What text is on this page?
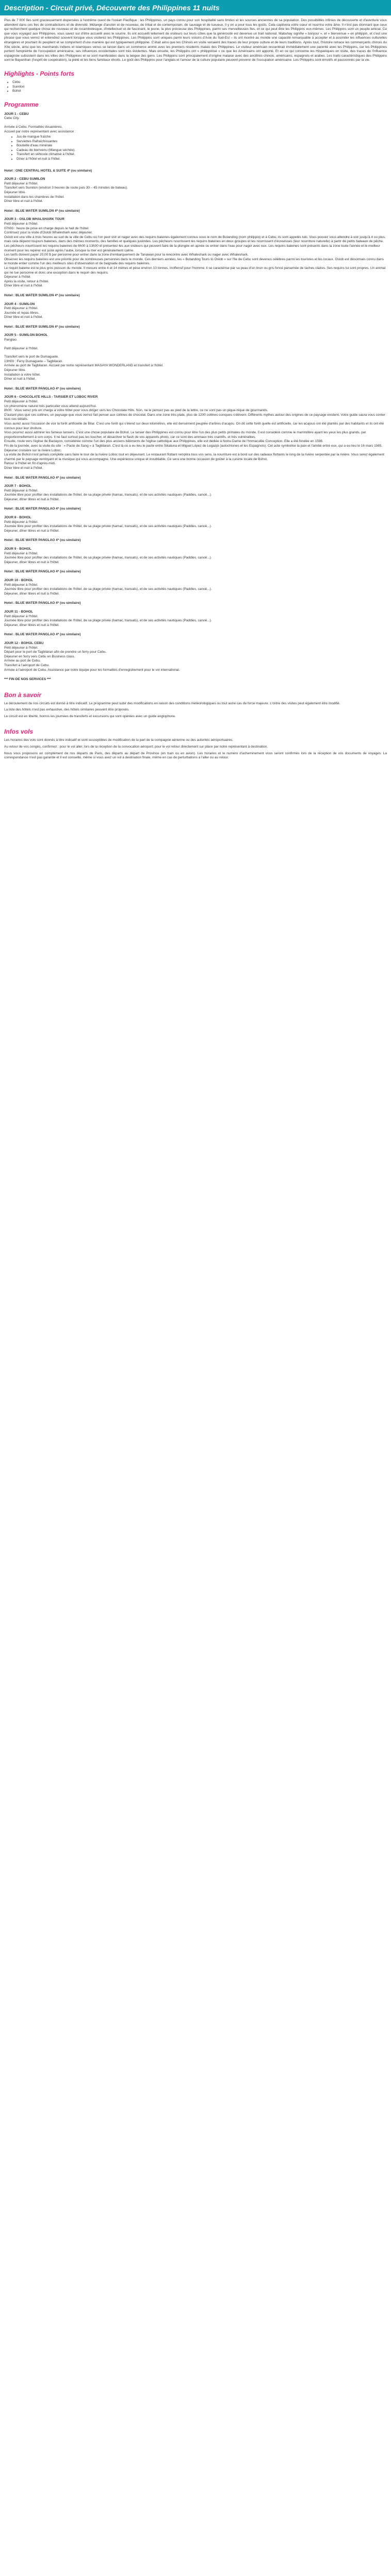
Description - Circuit privé, Découverte des Philippines 11 nuits
Plus de 7 000 îles sont gracieusement dispersées à l'extrême ouest de l'océan Pacifique : les Philippines, un pays connu pour son hospitalité sans limites et les sources anciennes de sa population. Des possibilités infinies de découverte et d'aventure vous attendent dans ces îles de contradictions et de diversité. Mélange d'ancien et de nouveau, de tribal et de contemporain, de sauvage et de luxueux, il y en a pour tous les goûts. Cela captivera votre cœur et nourrira votre âme. Il n'est pas étonnant que ceux qui recherchent quelque chose de nouveau et de rocambolesque, d'intellectuel et de fascinant, le jeune, la plus précieuse des Philippines, parmi ses merveilleuses îles, et ce qui peut être les Philippins eux-mêmes. Les Philippins sont un peuple amical. Ce que vous voyagez aux Philippines, vous savez sur d'être accueilli avec le sourire. Ils ont accueilli tellement de visiteurs sur leurs côtes que la générosité est devenue un trait national. Mabuhay signifie « bonjour », et « bienvenue » en philippin, et c'est une phrase que vous verrez et entendrez souvent lorsque vous visiterez les Philippines. Les Philippins sont uniques parmi leurs voisins d'Asie du Sud-Est – ils ont montré au monde une capacité remarquable à accepter et à assimiler les influences culturelles étrangères et pourtant ils peuplent et se comportent d'une manière qui est typiquement philippine. C'était ainsi que les Chinois en visite venaient des traces de leur propre culture et de leurs traditions. Après tout, l'histoire retrace les commerçants chinois du XIIe siècle, ainsi que les marchands indiens et islamiques venus se lancer dans un commerce animé avec les premiers résidents malais des Philippines. Le visiteur américain ressentirait immédiatement une parenté avec les Philippins, car les Philippines portent l'empreinte de l'occupation américaine, ses influences occidentales sont très évidentes. Mais ensuite, les Philippins ont « philippinisé » ce que les Américains ont apporté. Et en ce qui concerne les Hispaniques en visite, des traces de l'influence espagnole subsistent dans les villes des Philippines et se sont manifestées dans la langue des gens. Les Philippins sont principalement d'origine malaise avec des ancêtres chinois, américains, espagnols et arabes. Les traits caractéristiques des Philippins sont le Bayanihan (l'esprit de coopération), la piété et les liens familiaux étroits. Le goût des Philippins pour l'anglais et l'amour de la culture populaire peuvent provenir de l'occupation américaine. Les Philippins sont émotifs et passionnés par la vie.
Highlights - Points forts
• Cebu
• Sumilon
• Bohol
Programme
JOUR 1 - CEBU
Cebu City.
Arrivée à Cebu. Formalités douanières.
Accueil par notre représentant avec assistance :
• Jus de mangue fraîche
• Serviettes Rafraîchissantes
• Bouteille d'eau minérale
• Cadeau de bienvenu (Mangue séchée).
• Transfert en véhicule climatisé à l'hôtel.
• Dîner à l'hôtel et nuit à l'hôtel.
Hotel : ONE CENTRAL HOTEL & SUITE 4* (ou similaire)
JOUR 2 - CEBU SUMILON
Petit déjeuner à l'hôtel.
Transfert vers Sumilon (environ 3 heures de route puis 30 – 45 minutes de bateau).
Déjeuner libre.
Installation dans les chambres de l'hôtel.
Dîner libre et nuit à l'hôtel.
Hotel : BLUE WATER SUMILON 4* (ou similaire)
JOUR 3 - OSLOB WHALSHARK TOUR
Petit déjeuner à l'hôtel.
07h00 : heure de prise en charge depuis le hall de l'hôtel.
Continuez pour la visite d'Oslob Whaleshark avec déjeuner.
Oslob est une ville à trois heures au sud de la ville de Cebu où l'on peut voir et nager avec des requins baleines également connus sous le nom de Butanding (nom philippin) et à Cebu, ils sont appelés tuki. Vous pouvez vous attendre à voir jusqu'à 4 ou plus, mais cela dépend toujours baleines, dans des mêmes moments, des familles et quelques juvéniles. Les pêcheurs nourrissent les requins baleines en deux groupes et les nourrissent d'écrevisses (leur nourriture naturelle) à partir de petits bateaux de pêche. Les pêcheurs nourrissent les requins baleines de 6h00 à 13h00 et présentez-les aux visiteurs qui peuvent faire de la plongée en apnée ou entrer dans l'eau pour nager avec eux. Les requins baleines sont présents dans la zone toute l'année et le meilleur moment pour les repérer est juste après l'aube, lorsque la mer est généralement calme.
Les tarifs doivent payer 20,00 $ par personne pour entrer dans la zone d'embarquement de Tanawan pour la rencontre avec Whaleshark ou nager avec Whaleshark.
Observer les requins baleines est une priorité pour de nombreuses personnes dans le monde. Ces derniers années, les « Butanding Tours to Oslob » sur l'île de Cebu sont devenus célèbres parmi les touristes et les locaux. Oslob est désormais connu dans le monde entier comme l'un des meilleurs sites d'observation et de baignade des requins baleines.
Le requin baleine est le plus gros poisson du monde. Il mesure entre 4 et 14 mètres et pèse environ 10 tonnes. Inoffensif pour l'homme, il se caractérise par sa peau d'un brun ou gris foncé parsemée de taches claires. Ses requins lui sont propres. Un animal qui ne tue personne et donc une exception dans le requin des requins.
Déjeuner à l'hôtel.
Après la visite, retour à l'hôtel.
Dîner libre et nuit à l'hôtel.
Hotel : BLUE WATER SUMILON 4* (ou similaire)
JOUR 4 - SUMILON
Petit déjeuner à l'hôtel.
Journée et repas libres.
Dîner libre et nuit à l'hôtel.
Hotel : BLUE WATER SUMILON 4* (ou similaire)
JOUR 5 - SUMILON BOHOL
Panglao.
Petit déjeuner à l'hôtel.
Transfert vers le port de Dumaguete.
13H00 : Ferry Dumaguete – Tagbilaran.
Arrivée au port de Tagbilaran. Accueil par notre représentant MASAYA WONDERLAND et transfert à l'hôtel.
Déjeuner libre.
Installation à votre hôtel.
Dîner et nuit à l'hôtel.
Hotel : BLUE WATER PANGLAO 4* (ou similaire)
JOUR 6 - CHOCOLATE HILLS - TARSIER ET LOBOC RIVER
Petit déjeuner à l'hôtel.
Un phénomène naturel très particulier vous attend aujourd'hui.
8h00 : Vous serez pris en charge à votre hôtel pour vous diriger vers les Chocolate Hills. Non, ne le pensez pas au pied de la lettre, ce ne sont pas un pique-nique de gourmands.
D'autant plus que ces collines, un paysage que vous verrez fait penser aux collines de chocolat. Dans une zone très plate, plus de 1200 collines coniques s'élèvent. Différents mythes autour des origines de ce paysage existent. Votre guide saura vous conter tous ces détails.
Vous aurez aussi l'occasion de voir la forêt artificielle de Bilar. C'est une forêt qui s'étend sur deux kilomètres, elle est densément peuplée d'arbres d'acajou. On dit cette forêt quelle est artificielle, car les acajous ont été plantés par des habitants et ils ont été connus pour leur droiture.
Vous pourrez aussi admirer les fameux tarsiers. C'est une chose populaire de Bohol. Le tarsier des Philippines est connu pour être l'un des plus petits primates du monde. Il est considéré comme le mammifère ayant les yeux les plus grands, par proportionnellement à son corps. Il ne faut surtout pas les toucher, et désactiver le flash de vos appareils photo, car ce sont des animaux très craintifs, et très vulnérables.
Ensuite, route vers l'église de Baclayon, considérée comme l'un des plus anciens bâtiments de l'église catholique aux Philippines, elle est dédiée à Notre-Dame de l'Immaculée Conception. Elle a été fondée en 1596.
Fin de la journée, avec la visite du site : « Pacte de Sang » à Tagbilaran. C'est là où a eu lieu le pacte entre Sikatuna et Miguel López de Legazpi (autochtones et les Espagnols). Cet acte symbolise la paix et l'amitié entre eux, qui a eu lieu le 16 mars 1565.
Déjeuner croisière sur la rivière Loboc.
La visite de Bohol n'est jamais complète sans faire le tour de la rivière Loboc tout en déjeunant. Le restaurant flottant remplira tous vos sens, la nourriture est à bord sur des radeaux flottants le long de la rivière serpentée par la rivière. Vous serez également charmé par le paysage verdoyant et la musique qui vous accompagne. Une expérience unique et inoubliable. Ce sera une bonne occasion de goûter à la cuisine locale de Bohol.
Retour à l'hôtel en fin d'après-midi.
Dîner libre et nuit à l'hôtel.
Hotel : BLUE WATER PANGLAO 4* (ou similaire)
JOUR 7 - BOHOL
Petit déjeuner à l'hôtel.
Journée libre pour profiter des installations de l'hôtel, de sa plage privée (hamac, transats), et de ses activités nautiques (Paddles, canoë...).
Déjeuner, dîner libres et nuit à l'hôtel.
Hotel : BLUE WATER PANGLAO 4* (ou similaire)
JOUR 8 - BOHOL
Petit déjeuner à l'hôtel.
Journée libre pour profiter des installations de l'hôtel, de sa plage privée (hamac, transats), et de ses activités nautiques (Paddles, canoë...).
Déjeuner, dîner libres et nuit à l'hôtel.
Hotel : BLUE WATER PANGLAO 4* (ou similaire)
JOUR 9 - BOHOL
Petit déjeuner à l'hôtel.
Journée libre pour profiter des installations de l'hôtel, de sa plage privée (hamac, transats), et de ses activités nautiques (Paddles, canoë...).
Déjeuner, dîner libres et nuit à l'hôtel.
Hotel : BLUE WATER PANGLAO 4* (ou similaire)
JOUR 10 - BOHOL
Petit déjeuner à l'hôtel.
Journée libre pour profiter des installations de l'hôtel, de sa plage privée (hamac, transats), et de ses activités nautiques (Paddles, canoë...).
Déjeuner, dîner libres et nuit à l'hôtel.
Hotel : BLUE WATER PANGLAO 4* (ou similaire)
JOUR 11 - BOHOL
Petit déjeuner à l'hôtel.
Journée libre pour profiter des installations de l'hôtel, de sa plage privée (hamac, transats), et de ses activités nautiques (Paddles, canoë...).
Déjeuner, dîner libres et nuit à l'hôtel.
Hotel : BLUE WATER PANGLAO 4* (ou similaire)
JOUR 12 - BOHOL CEBU
Petit déjeuner à l'hôtel.
Départ pour le port de Tagbilaran afin de prendre un ferry pour Cebu.
Déjeuner en ferry vers Cebu en Business class.
Arrivée au port de Cebu.
Transfert à l'aéroport de Cebu.
Arrivée à l'aéroport de Cebu. Assistance par notre équipe pour les formalités d'enregistrement pour le vol international.
*** FIN DE NOS SERVICES ***
Bon à savoir
Le déroulement de nos circuits est donné à titre indicatif. Le programme peut subir des modifications en raison des conditions météorologiques ou tout autre cas de force majeure. L'ordre des visites peut également être modifié.
La liste des hôtels n'est pas exhaustive, des hôtels similaires peuvent être proposés.
Le circuit est en liberté, hormis les journées de transferts et excursions qui sont opérées avec un guide anglophone.
Infos vols
Les horaires des vols sont donnés à titre indicatif et sont susceptibles de modification de la part de la compagnie aérienne ou des autorités aéroportuaires.
Au retour de vos congés, confirmez : pour le vol aller, lors de la réception de la convocation aéroport; pour le vol retour directement sur place par notre représentant à destination.
Nous vous proposons en complément de nos départs de Paris, des départs au départ de Province (en train ou en avion). Les horaires et le numéro d'acheminement vous seront confirmés lors de la réception de vos documents de voyages. La correspondance n'est pas garantie et il est conseillé, même si vous avez un vol à destination finale, même en cas de perturbations à l'aller ou au retour.
